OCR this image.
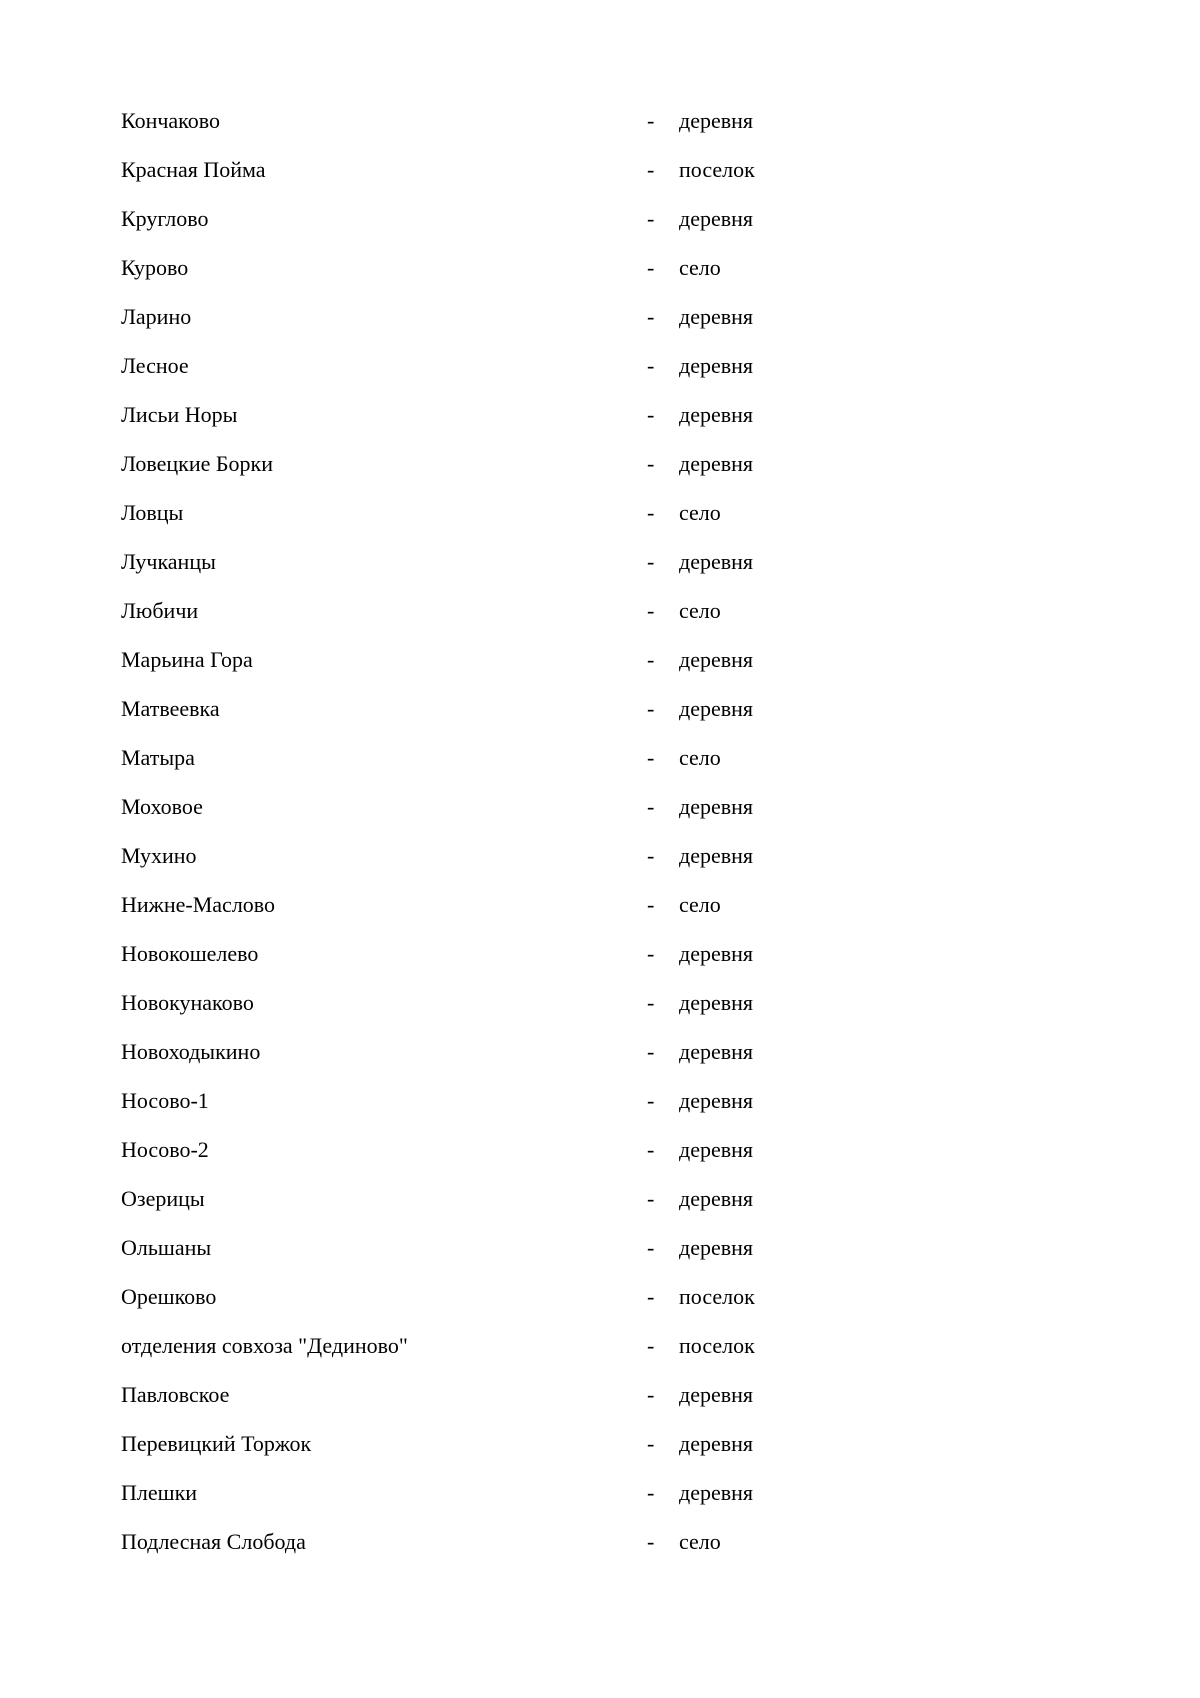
Кончаково	-	деревня
Красная Пойма	-	поселок
Круглово	-	деревня
Курово	-	село
Ларино	-	деревня
Лесное	-	деревня
Лисьи Норы	-	деревня
Ловецкие Борки	-	деревня
Ловцы	-	село
Лучканцы	-	деревня
Любичи	-	село
Марьина Гора	-	деревня
Матвеевка	-	деревня
Матыра	-	село
Моховое	-	деревня
Мухино	-	деревня
Нижне-Маслово	-	село
Новокошелево	-	деревня
Новокунаково	-	деревня
Новоходыкино	-	деревня
Носово-1	-	деревня
Носово-2	-	деревня
Озерицы	-	деревня
Ольшаны	-	деревня
Орешково	-	поселок
отделения совхоза "Дединово"	-	поселок
Павловское	-	деревня
Перевицкий Торжок	-	деревня
Плешки	-	деревня
Подлесная Слобода	-	село
